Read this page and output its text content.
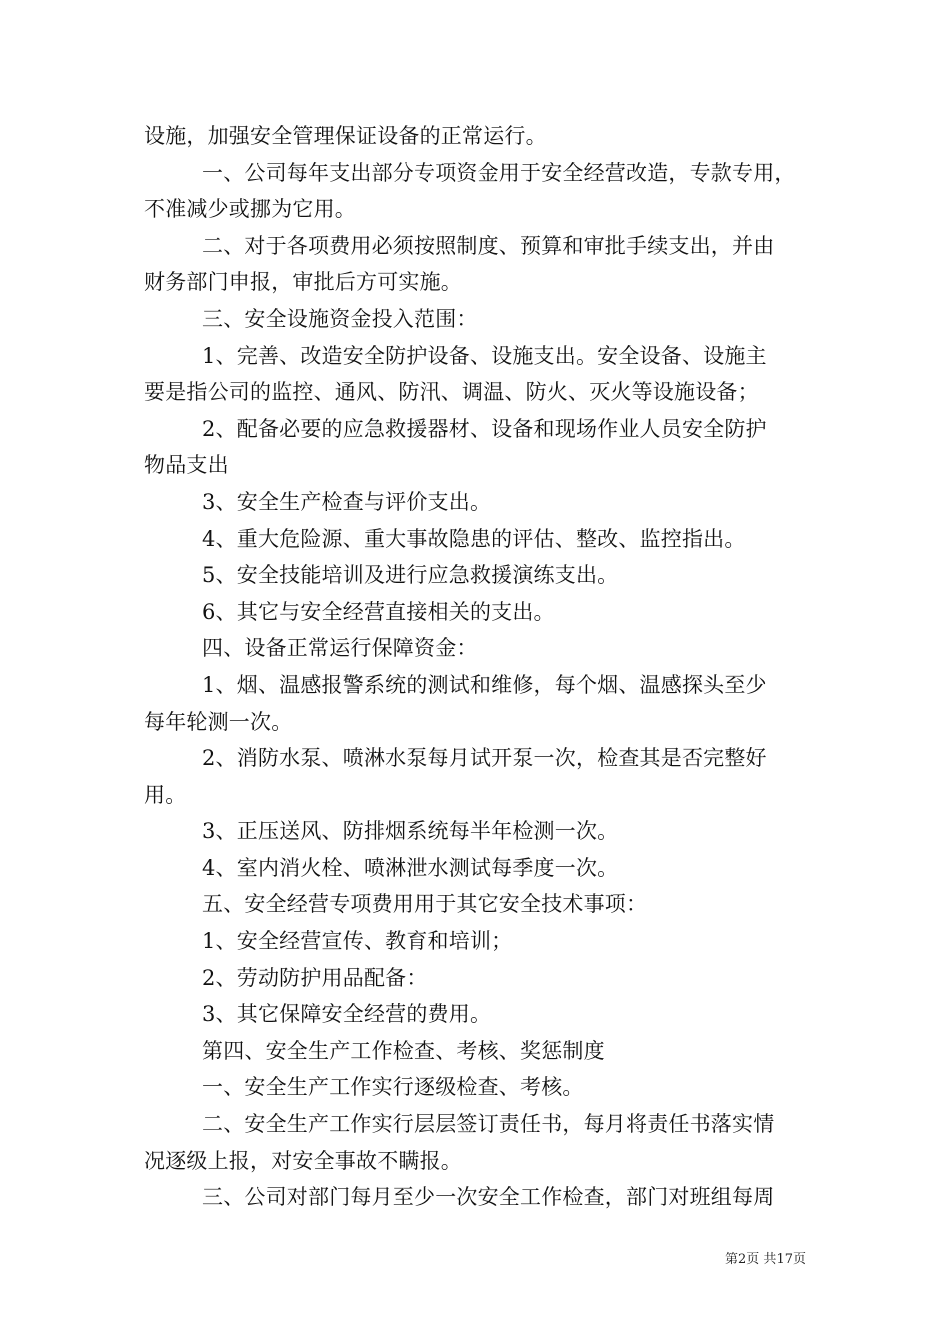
设施，加强安全管理保证设备的正常运行。

一、公司每年支出部分专项资金用于安全经营改造，专款专用，

不准减少或挪为它用。

二、对于各项费用必须按照制度、预算和审批手续支出，并由

财务部门申报，审批后方可实施。

三、安全设施资金投入范围：

1、完善、改造安全防护设备、设施支出。安全设备、设施主

要是指公司的监控、通风、防汛、调温、防火、灭火等设施设备；

2、配备必要的应急救援器材、设备和现场作业人员安全防护

物品支出

3、安全生产检查与评价支出。

4、重大危险源、重大事故隐患的评估、整改、监控指出。

5、安全技能培训及进行应急救援演练支出。

6、其它与安全经营直接相关的支出。

四、设备正常运行保障资金：

1、烟、温感报警系统的测试和维修，每个烟、温感探头至少

每年轮测一次。

2、消防水泵、喷淋水泵每月试开泵一次，检查其是否完整好

用。

3、正压送风、防排烟系统每半年检测一次。

4、室内消火栓、喷淋泄水测试每季度一次。

五、安全经营专项费用用于其它安全技术事项：

1、安全经营宣传、教育和培训；

2、劳动防护用品配备：

3、其它保障安全经营的费用。

第四、安全生产工作检查、考核、奖惩制度

一、安全生产工作实行逐级检查、考核。

二、安全生产工作实行层层签订责任书，每月将责任书落实情

况逐级上报，对安全事故不瞒报。

三、公司对部门每月至少一次安全工作检查，部门对班组每周

第2页 共17页
